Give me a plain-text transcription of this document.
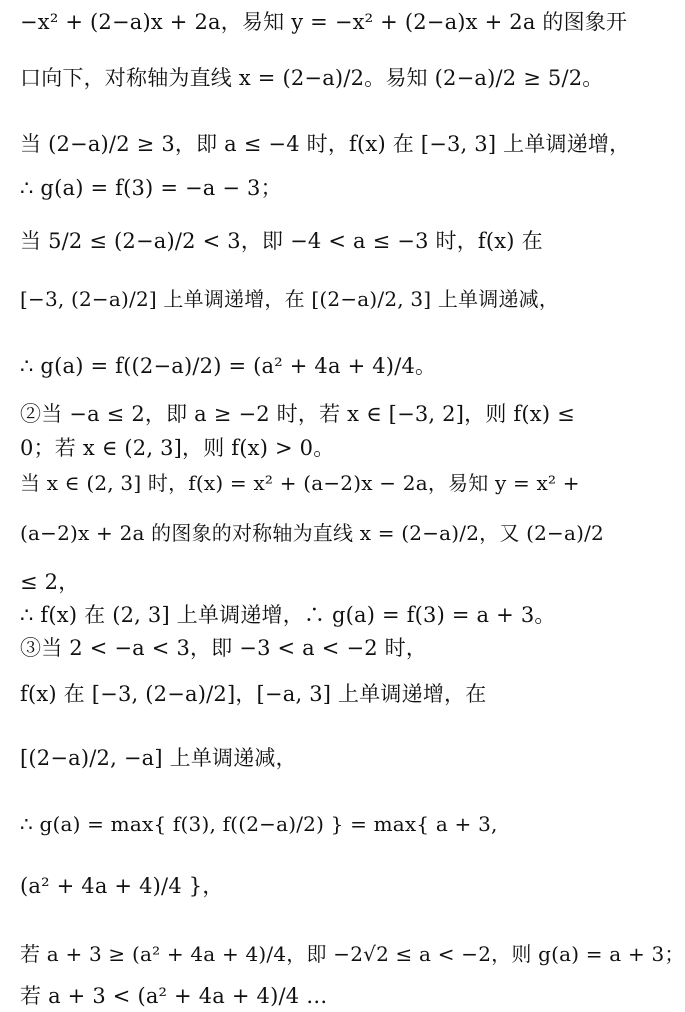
−x² + (2−a)x + 2a，易知 y = −x² + (2−a)x + 2a 的图象开
口向下，对称轴为直线 x = (2−a)/2。易知 (2−a)/2 ≥ 5/2。
当 (2−a)/2 ≥ 3，即 a ≤ −4 时，f(x) 在 [−3, 3] 上单调递增，
∴ g(a) = f(3) = −a − 3；
当 5/2 ≤ (2−a)/2 < 3，即 −4 < a ≤ −3 时，f(x) 在
[−3, (2−a)/2] 上单调递增，在 [(2−a)/2, 3] 上单调递减，
∴ g(a) = f((2−a)/2) = (a² + 4a + 4)/4。
②当 −a ≤ 2，即 a ≥ −2 时，若 x ∈ [−3, 2]，则 f(x) ≤
0；若 x ∈ (2, 3]，则 f(x) > 0。
当 x ∈ (2, 3] 时，f(x) = x² + (a−2)x − 2a，易知 y = x² +
(a−2)x + 2a 的图象的对称轴为直线 x = (2−a)/2，又 (2−a)/2
≤ 2，
∴ f(x) 在 (2, 3] 上单调递增，∴ g(a) = f(3) = a + 3。
③当 2 < −a < 3，即 −3 < a < −2 时，
f(x) 在 [−3, (2−a)/2]，[−a, 3] 上单调递增，在
[(2−a)/2, −a] 上单调递减，
∴ g(a) = max{ f(3), f((2−a)/2) } = max{ a + 3,
(a² + 4a + 4)/4 }，
若 a + 3 ≥ (a² + 4a + 4)/4，即 −2√2 ≤ a < −2，则 g(a) = a + 3；
若 a + 3 < (a² + 4a + 4)/4 …
